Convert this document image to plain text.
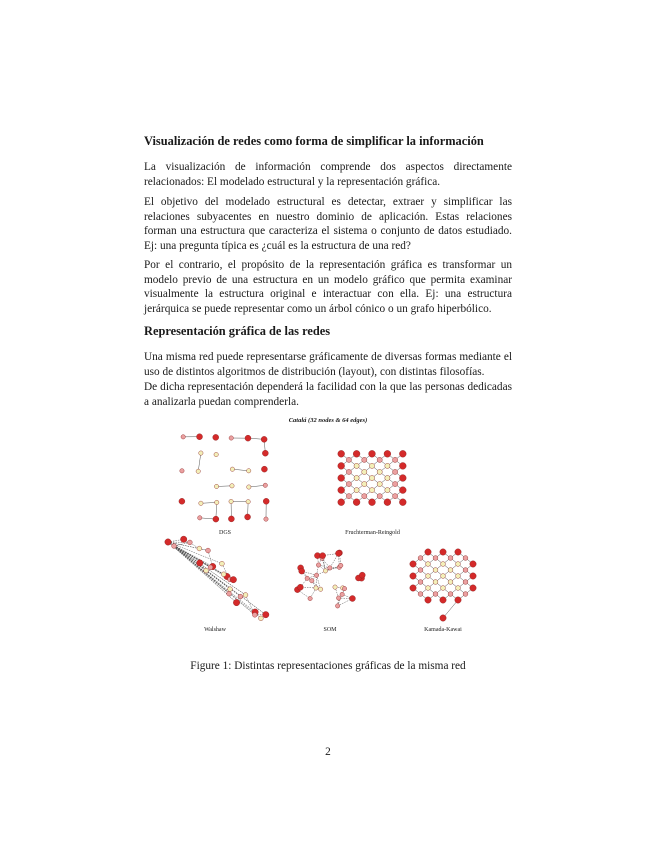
Visualización de redes como forma de simplificar la información

La visualización de información comprende dos aspectos directamente relacionados: El modelado estructural y la representación gráfica.

El objetivo del modelado estructural es detectar, extraer y simplificar las relaciones subyacentes en nuestro dominio de aplicación. Estas relaciones forman una estructura que caracteriza el sistema o conjunto de datos estudiado. Ej: una pregunta típica es ¿cuál es la estructura de una red?

Por el contrario, el propósito de la representación gráfica es transformar un modelo previo de una estructura en un modelo gráfico que permita examinar visualmente la estructura original e interactuar con ella. Ej: una estructura jerárquica se puede representar como un árbol cónico o un grafo hiperbólico.

Representación gráfica de las redes

Una misma red puede representarse gráficamente de diversas formas mediante el uso de distintos algoritmos de distribución (layout), con distintas filosofías.

De dicha representación dependerá la facilidad con la que las personas dedicadas a analizarla puedan comprenderla.

Catalá (32 nodes & 64 edges)
DGS	Fruchterman-Reingold
Walshaw	SOM	Kamada-Kawai

Figure 1: Distintas representaciones gráficas de la misma red

2
